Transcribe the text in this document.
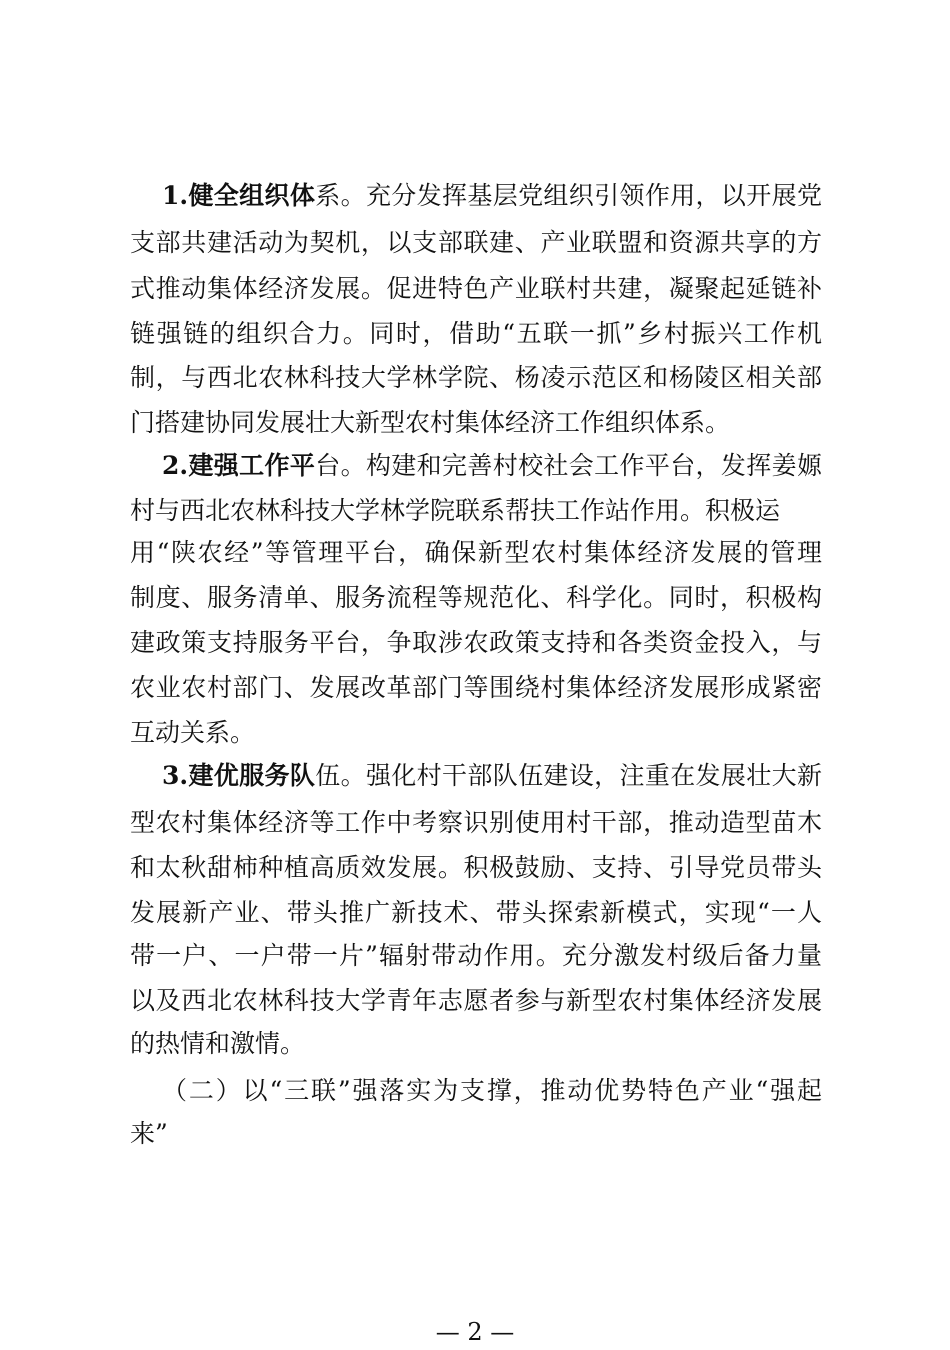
1.健全组织体系。充分发挥基层党组织引领作用，以开展党
支部共建活动为契机，以支部联建、产业联盟和资源共享的方
式推动集体经济发展。促进特色产业联村共建，凝聚起延链补
链强链的组织合力。同时，借助“五联一抓”乡村振兴工作机
制，与西北农林科技大学林学院、杨凌示范区和杨陵区相关部
门搭建协同发展壮大新型农村集体经济工作组织体系。
2.建强工作平台。构建和完善村校社会工作平台，发挥姜嫄
村与西北农林科技大学林学院联系帮扶工作站作用。积极运
用“陕农经”等管理平台，确保新型农村集体经济发展的管理
制度、服务清单、服务流程等规范化、科学化。同时，积极构
建政策支持服务平台，争取涉农政策支持和各类资金投入，与
农业农村部门、发展改革部门等围绕村集体经济发展形成紧密
互动关系。
3.建优服务队伍。强化村干部队伍建设，注重在发展壮大新
型农村集体经济等工作中考察识别使用村干部，推动造型苗木
和太秋甜柿种植高质效发展。积极鼓励、支持、引导党员带头
发展新产业、带头推广新技术、带头探索新模式，实现“一人
带一户、一户带一片”辐射带动作用。充分激发村级后备力量
以及西北农林科技大学青年志愿者参与新型农村集体经济发展
的热情和激情。
（二）以“三联”强落实为支撑，推动优势特色产业“强起
来”
— 2 —
